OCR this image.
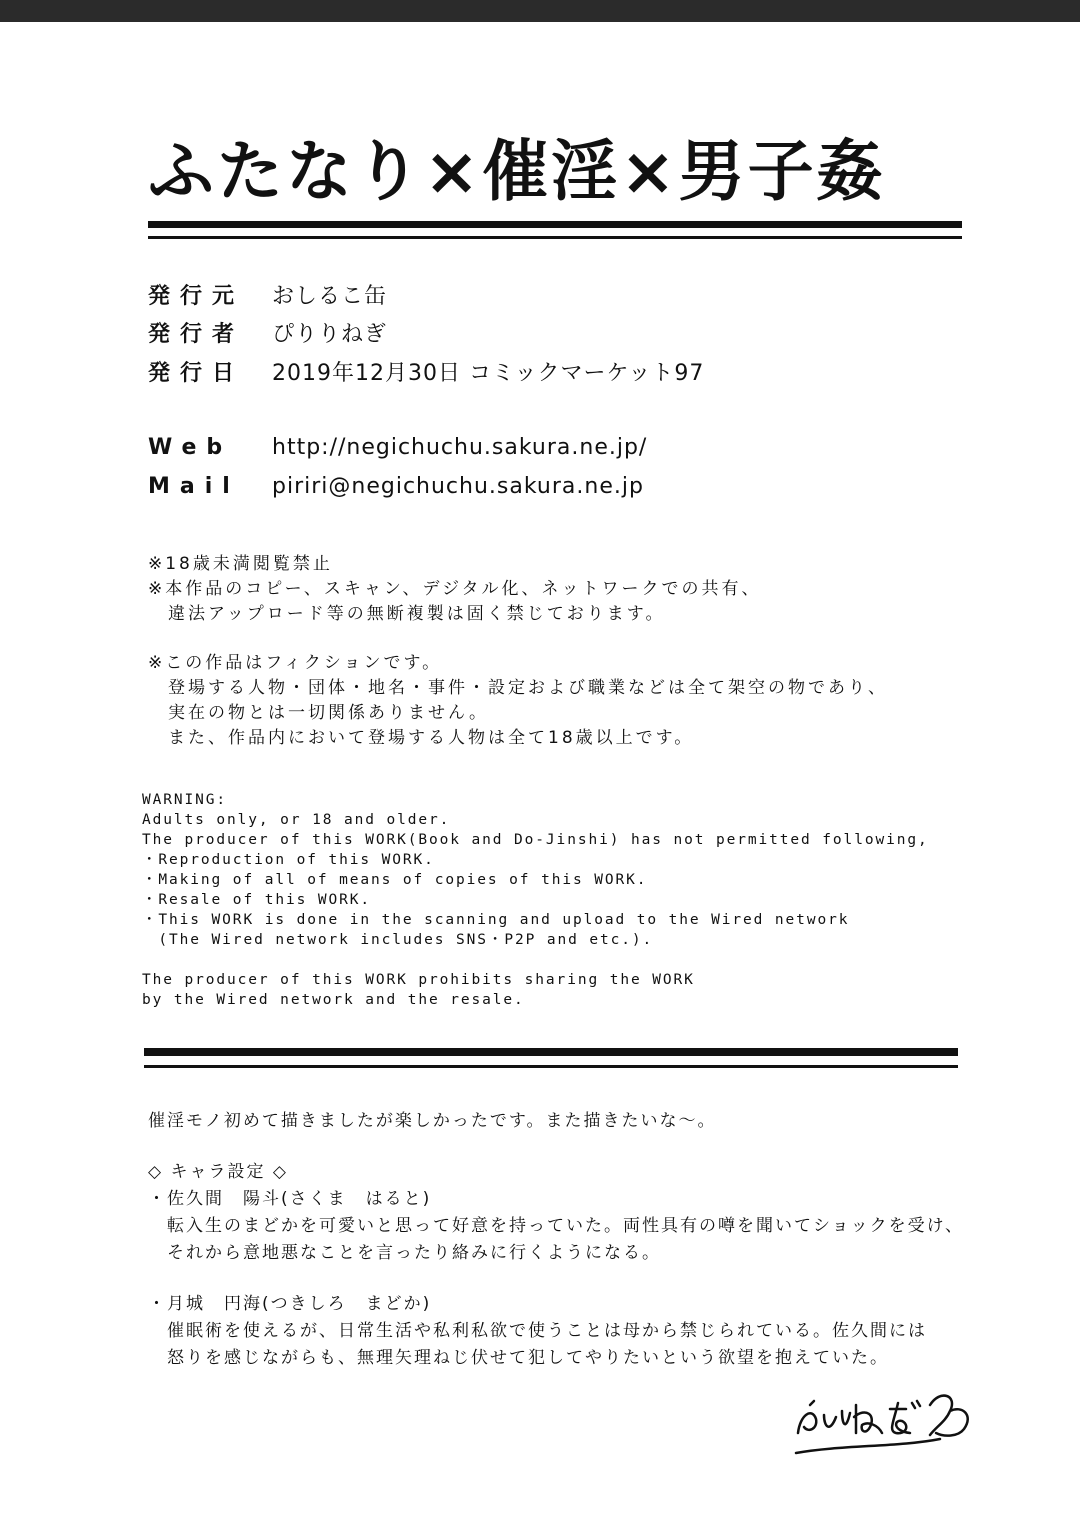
ふたなり×催淫×男子姦
発行元 おしるこ缶
発行者 ぴりりねぎ
発行日 2019年12月30日 コミックマーケット97
Web http://negichuchu.sakura.ne.jp/
Mail piriri@negichuchu.sakura.ne.jp
※18歳未満閲覧禁止
※本作品のコピー、スキャン、デジタル化、ネットワークでの共有、
　違法アップロード等の無断複製は固く禁じております。
※この作品はフィクションです。
　登場する人物・団体・地名・事件・設定および職業などは全て架空の物であり、
　実在の物とは一切関係ありません。
　また、作品内において登場する人物は全て18歳以上です。
WARNING:
Adults only, or 18 and older.
The producer of this WORK(Book and Do-Jinshi) has not permitted following,
・Reproduction of this WORK.
・Making of all of means of copies of this WORK.
・Resale of this WORK.
・This WORK is done in the scanning and upload to the Wired network
　(The Wired network includes SNS・P2P and etc.).

The producer of this WORK prohibits sharing the WORK
by the Wired network and the resale.
催淫モノ初めて描きましたが楽しかったです。また描きたいな～。
◇ キャラ設定 ◇
・佐久間　陽斗(さくま　はると)
　転入生のまどかを可愛いと思って好意を持っていた。両性具有の噂を聞いてショックを受け、
　それから意地悪なことを言ったり絡みに行くようになる。
・月城　円海(つきしろ　まどか)
　催眠術を使えるが、日常生活や私利私欲で使うことは母から禁じられている。佐久間には
　怒りを感じながらも、無理矢理ねじ伏せて犯してやりたいという欲望を抱えていた。
